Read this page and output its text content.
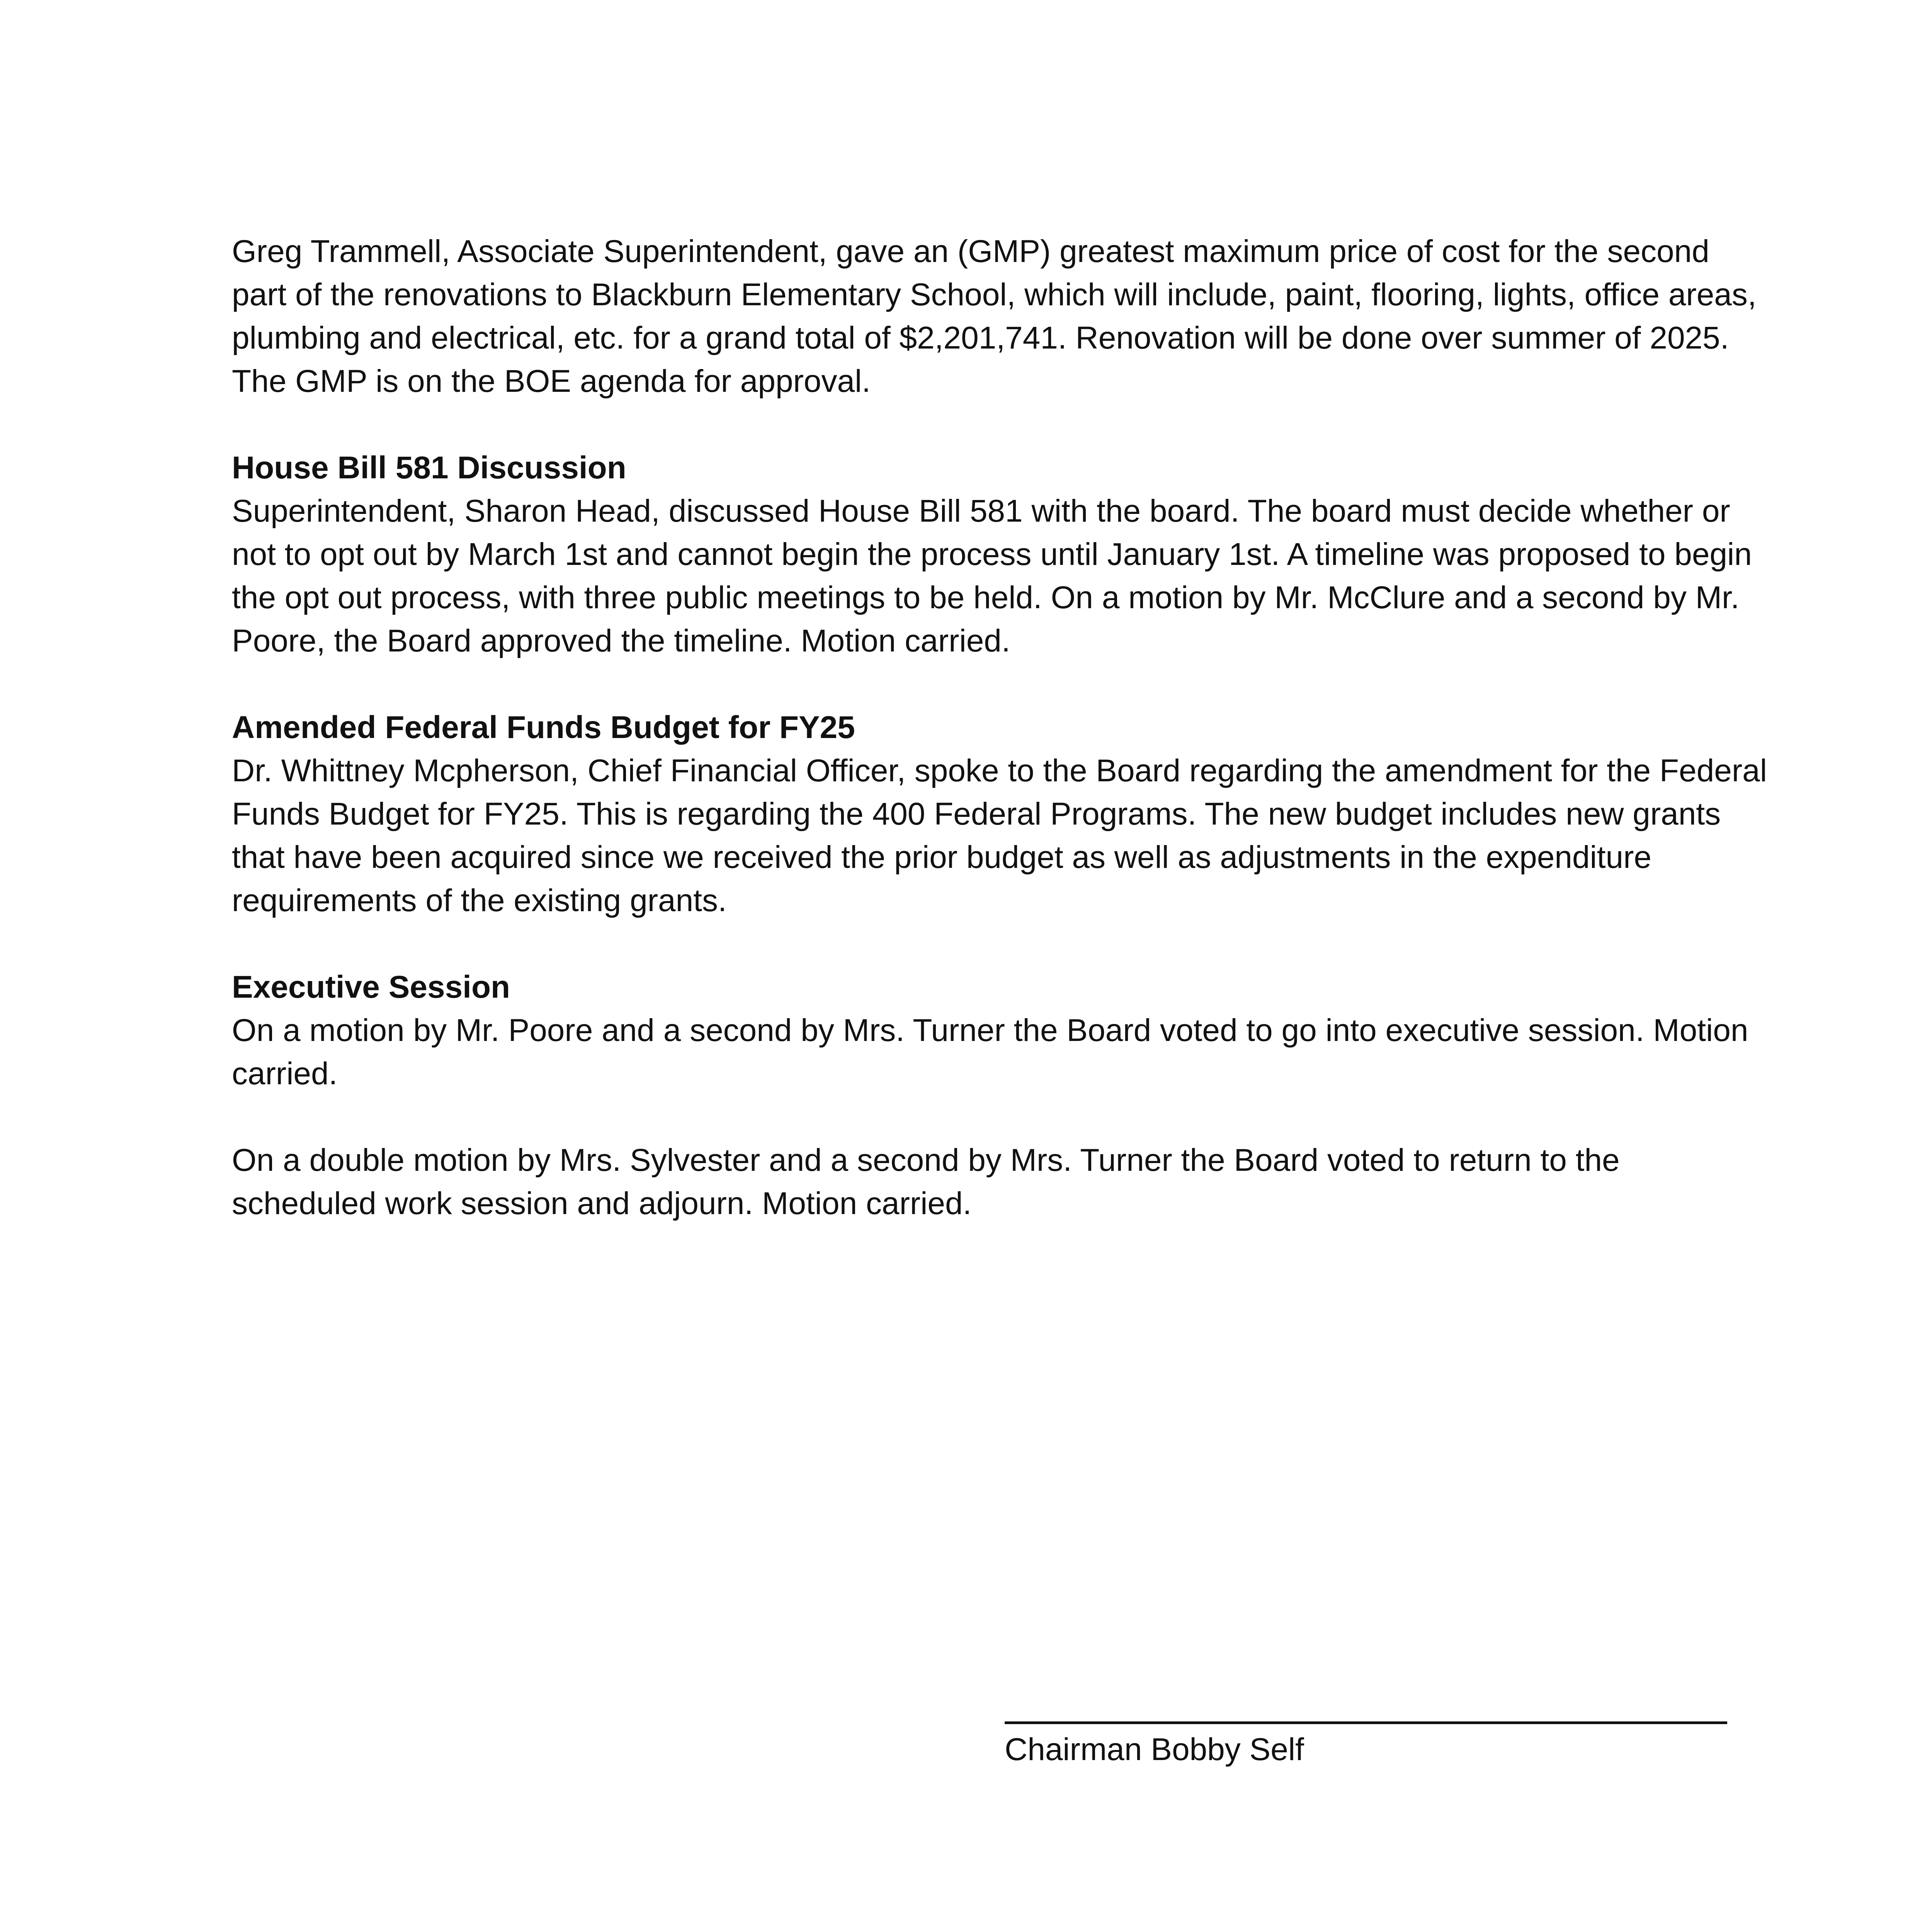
Greg Trammell, Associate Superintendent, gave an (GMP) greatest maximum price of cost for the second part of the renovations to Blackburn Elementary School, which will include, paint, flooring, lights, office areas, plumbing and electrical, etc. for a grand total of $2,201,741. Renovation will be done over summer of 2025. The GMP is on the BOE agenda for approval.

House Bill 581 Discussion

Superintendent, Sharon Head, discussed House Bill 581 with the board. The board must decide whether or not to opt out by March 1st and cannot begin the process until January 1st. A timeline was proposed to begin the opt out process, with three public meetings to be held. On a motion by Mr. McClure and a second by Mr. Poore, the Board approved the timeline. Motion carried.

Amended Federal Funds Budget for FY25

Dr. Whittney Mcpherson, Chief Financial Officer, spoke to the Board regarding the amendment for the Federal Funds Budget for FY25. This is regarding the 400 Federal Programs. The new budget includes new grants that have been acquired since we received the prior budget as well as adjustments in the expenditure requirements of the existing grants.

Executive Session

On a motion by Mr. Poore and a second by Mrs. Turner the Board voted to go into executive session. Motion carried.

On a double motion by Mrs. Sylvester and a second by Mrs. Turner the Board voted to return to the scheduled work session and adjourn. Motion carried.

Chairman Bobby Self
